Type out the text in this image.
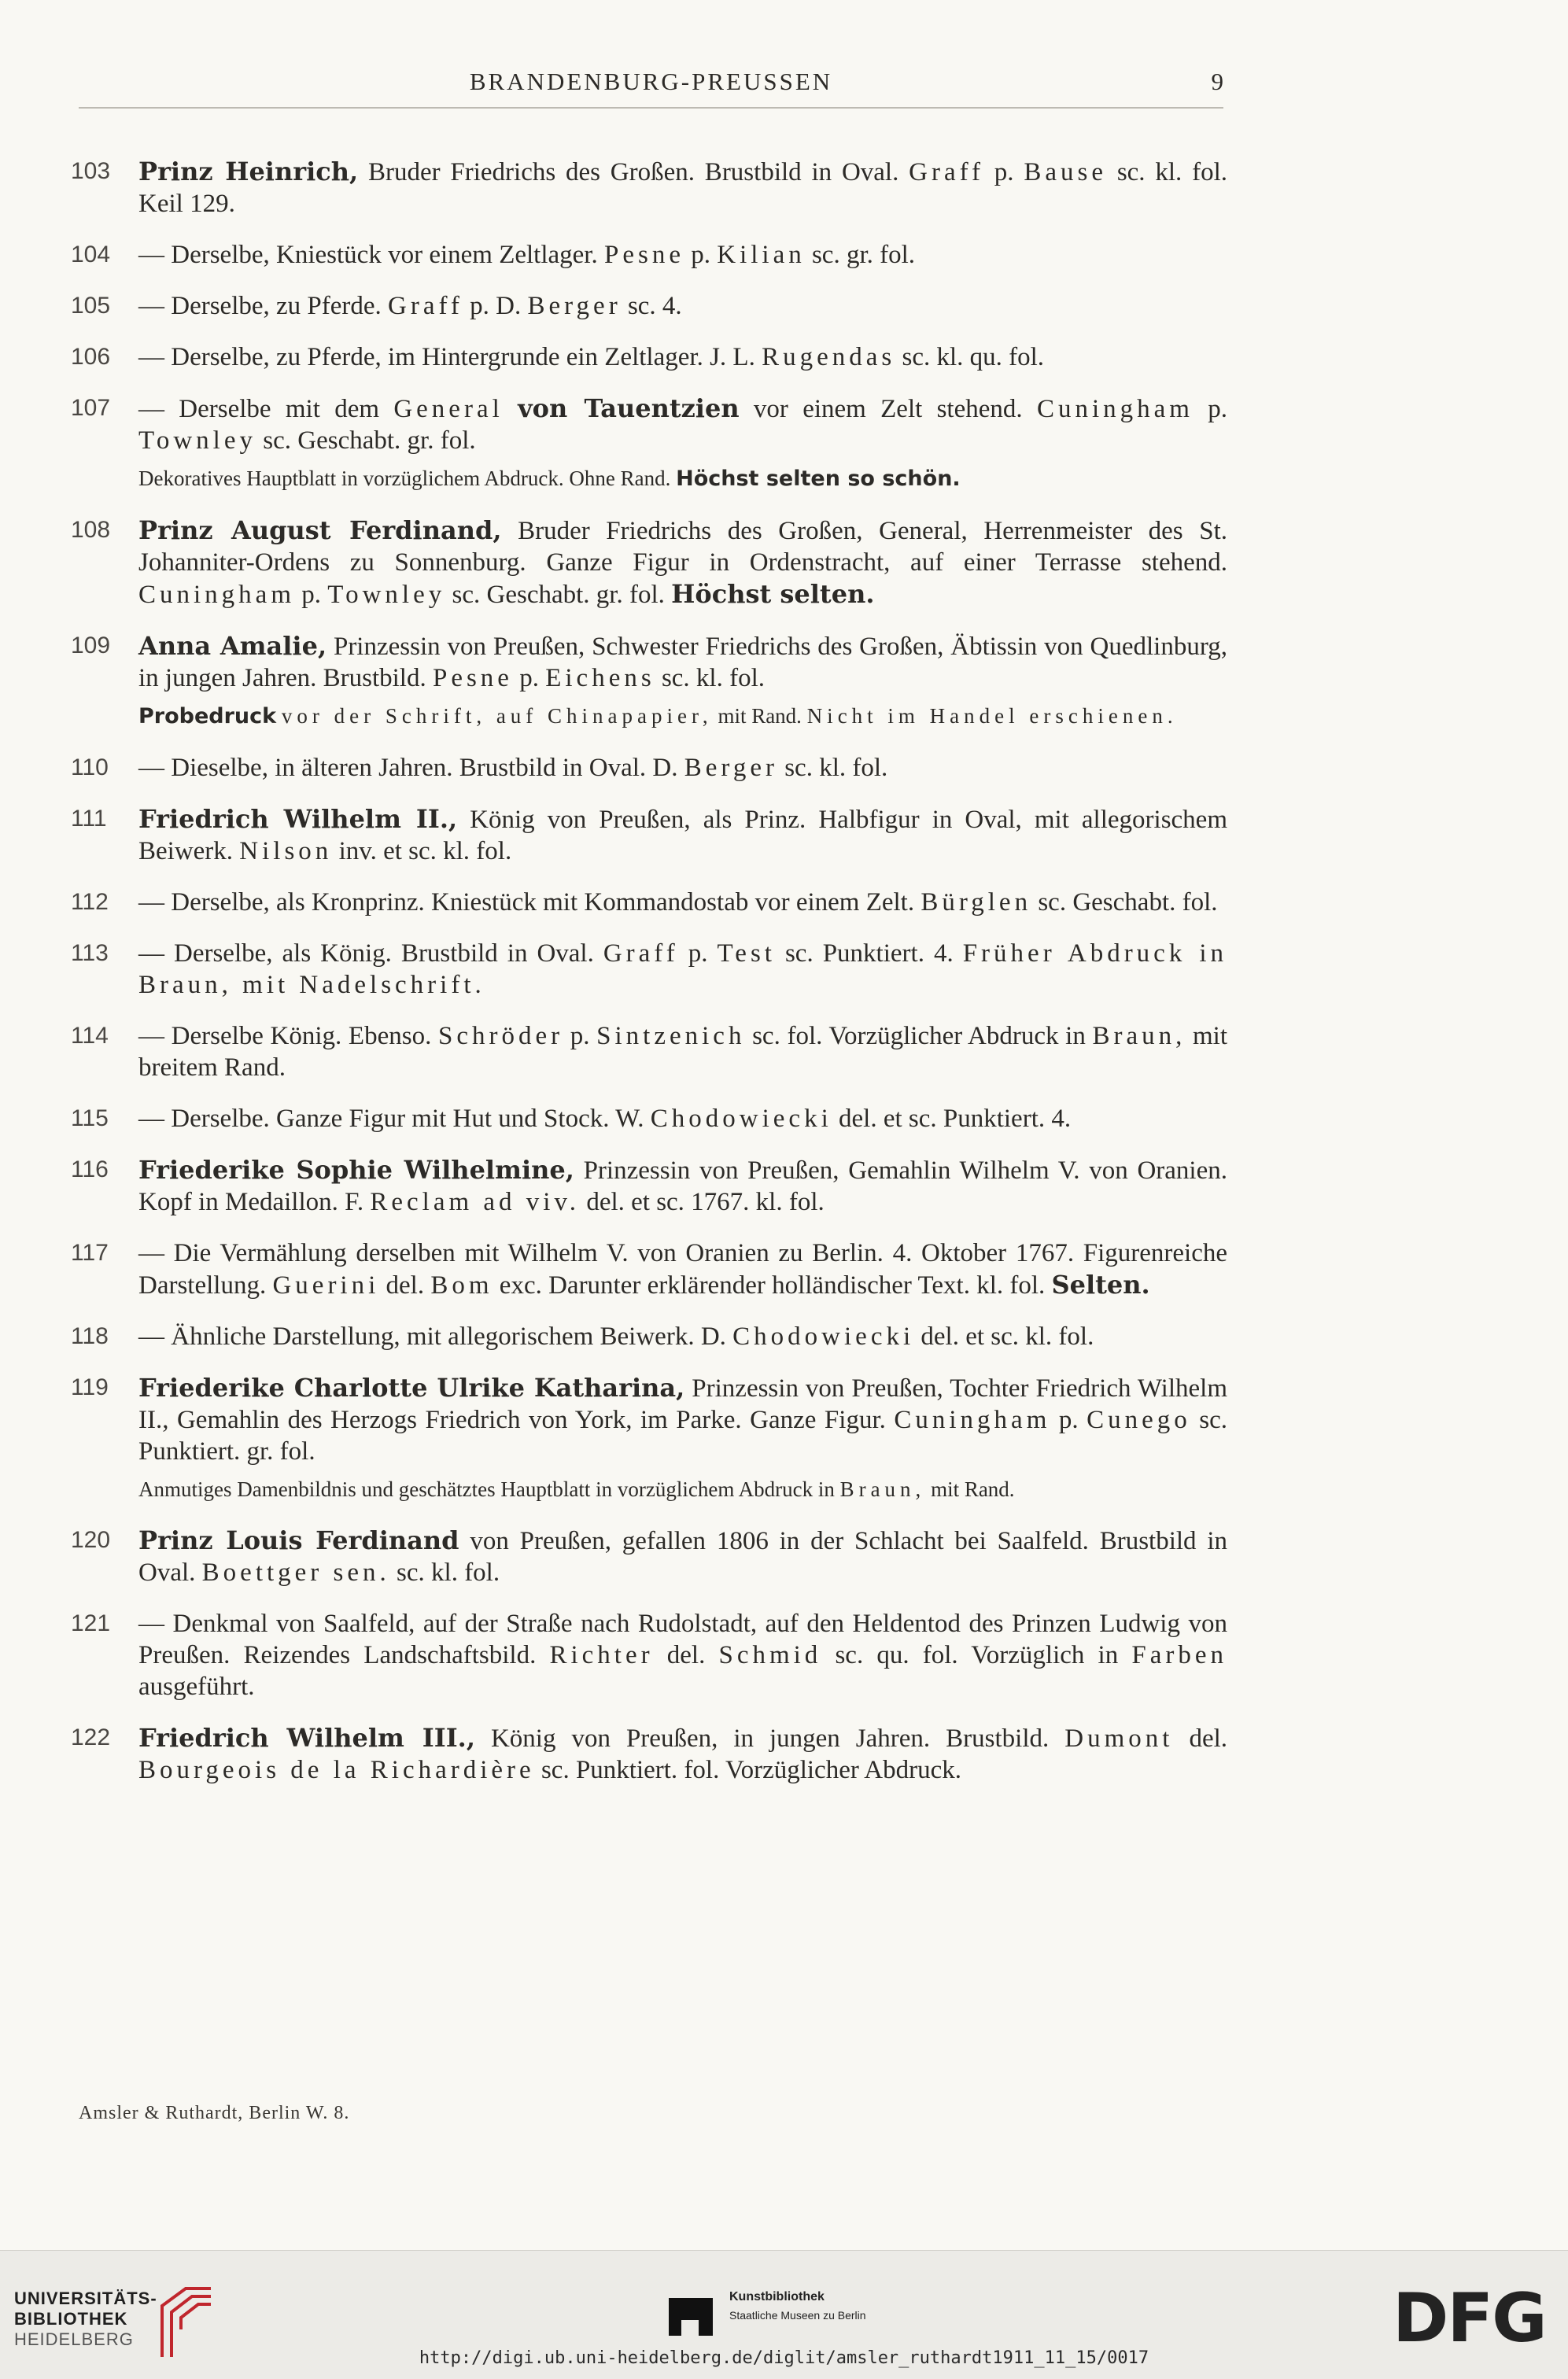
BRANDENBURG-PREUSSEN	9
103	Prinz Heinrich, Bruder Friedrichs des Großen. Brustbild in Oval. Graff p. Bause sc. kl. fol. Keil 129.
104	— Derselbe, Kniestück vor einem Zeltlager. Pesne p. Kilian sc. gr. fol.
105	— Derselbe, zu Pferde. Graff p. D. Berger sc. 4.
106	— Derselbe, zu Pferde, im Hintergrunde ein Zeltlager. J. L. Rugendas sc. kl. qu. fol.
107	— Derselbe mit dem General von Tauentzien vor einem Zelt stehend. Cuningham p. Townley sc. Geschabt. gr. fol.
Dekoratives Hauptblatt in vorzüglichem Abdruck. Ohne Rand. Höchst selten so schön.
108	Prinz August Ferdinand, Bruder Friedrichs des Großen, General, Herrenmeister des St. Johanniter-Ordens zu Sonnenburg. Ganze Figur in Ordenstracht, auf einer Terrasse stehend. Cuningham p. Townley sc. Geschabt. gr. fol. Höchst selten.
109	Anna Amalie, Prinzessin von Preußen, Schwester Friedrichs des Großen, Äbtissin von Quedlinburg, in jungen Jahren. Brustbild. Pesne p. Eichens sc. kl. fol.
Probedruck vor der Schrift, auf Chinapapier, mit Rand. Nicht im Handel erschienen.
110	— Dieselbe, in älteren Jahren. Brustbild in Oval. D. Berger sc. kl. fol.
111	Friedrich Wilhelm II., König von Preußen, als Prinz. Halbfigur in Oval, mit allegorischem Beiwerk. Nilson inv. et sc. kl. fol.
112	— Derselbe, als Kronprinz. Kniestück mit Kommandostab vor einem Zelt. Bürglen sc. Geschabt. fol.
113	— Derselbe, als König. Brustbild in Oval. Graff p. Test sc. Punktiert. 4. Früher Abdruck in Braun, mit Nadelschrift.
114	— Derselbe König. Ebenso. Schröder p. Sintzenich sc. fol. Vorzüglicher Abdruck in Braun, mit breitem Rand.
115	— Derselbe. Ganze Figur mit Hut und Stock. W. Chodowiecki del. et sc. Punktiert. 4.
116	Friederike Sophie Wilhelmine, Prinzessin von Preußen, Gemahlin Wilhelm V. von Oranien. Kopf in Medaillon. F. Reclam ad viv. del. et sc. 1767. kl. fol.
117	— Die Vermählung derselben mit Wilhelm V. von Oranien zu Berlin. 4. Oktober 1767. Figurenreiche Darstellung. Guerini del. Bom exc. Darunter erklärender holländischer Text. kl. fol. Selten.
118	— Ähnliche Darstellung, mit allegorischem Beiwerk. D. Chodowiecki del. et sc. kl. fol.
119	Friederike Charlotte Ulrike Katharina, Prinzessin von Preußen, Tochter Friedrich Wilhelm II., Gemahlin des Herzogs Friedrich von York, im Parke. Ganze Figur. Cuningham p. Cunego sc. Punktiert. gr. fol.
Anmutiges Damenbildnis und geschätztes Hauptblatt in vorzüglichem Abdruck in Braun, mit Rand.
120	Prinz Louis Ferdinand von Preußen, gefallen 1806 in der Schlacht bei Saalfeld. Brustbild in Oval. Boettger sen. sc. kl. fol.
121	— Denkmal von Saalfeld, auf der Straße nach Rudolstadt, auf den Heldentod des Prinzen Ludwig von Preußen. Reizendes Landschaftsbild. Richter del. Schmid sc. qu. fol. Vorzüglich in Farben ausgeführt.
122	Friedrich Wilhelm III., König von Preußen, in jungen Jahren. Brustbild. Dumont del. Bourgeois de la Richardière sc. Punktiert. fol. Vorzüglicher Abdruck.
Amsler & Ruthardt, Berlin W. 8.
UNIVERSITÄTS-
BIBLIOTHEK
HEIDELBERG
Kunstbibliothek
Staatliche Museen zu Berlin	DFG
http://digi.ub.uni-heidelberg.de/diglit/amsler_ruthardt1911_11_15/0017
